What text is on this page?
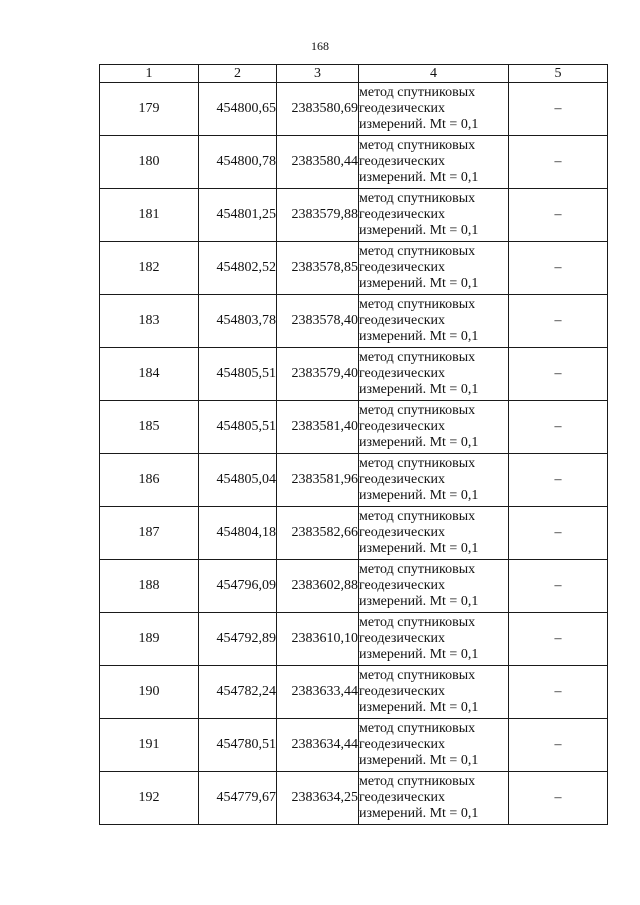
168
1	2	3	4	5
179	454800,65	2383580,69	метод спутниковых геодезических измерений. Mt = 0,1	–
180	454800,78	2383580,44	метод спутниковых геодезических измерений. Mt = 0,1	–
181	454801,25	2383579,88	метод спутниковых геодезических измерений. Mt = 0,1	–
182	454802,52	2383578,85	метод спутниковых геодезических измерений. Mt = 0,1	–
183	454803,78	2383578,40	метод спутниковых геодезических измерений. Mt = 0,1	–
184	454805,51	2383579,40	метод спутниковых геодезических измерений. Mt = 0,1	–
185	454805,51	2383581,40	метод спутниковых геодезических измерений. Mt = 0,1	–
186	454805,04	2383581,96	метод спутниковых геодезических измерений. Mt = 0,1	–
187	454804,18	2383582,66	метод спутниковых геодезических измерений. Mt = 0,1	–
188	454796,09	2383602,88	метод спутниковых геодезических измерений. Mt = 0,1	–
189	454792,89	2383610,10	метод спутниковых геодезических измерений. Mt = 0,1	–
190	454782,24	2383633,44	метод спутниковых геодезических измерений. Mt = 0,1	–
191	454780,51	2383634,44	метод спутниковых геодезических измерений. Mt = 0,1	–
192	454779,67	2383634,25	метод спутниковых геодезических измерений. Mt = 0,1	–
